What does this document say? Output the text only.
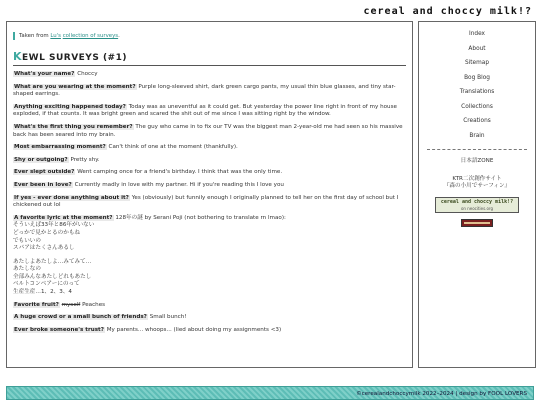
cereal and choccy milk!?
Taken from Lu's collection of surveys.
KEWL SURVEYS (#1)
What's your name? Choccy
What are you wearing at the moment? Purple long-sleeved shirt, dark green cargo pants, my usual thin blue glasses, and tiny star-shaped earrings.
Anything exciting happened today? Today was as uneventful as it could get. But yesterday the power line right in front of my house exploded, if that counts. It was bright green and scared the shit out of me since I was sitting right by the window.
What's the first thing you remember? The guy who came in to fix our TV was the biggest man 2-year-old me had seen so his massive back has been seared into my brain.
Most embarrassing moment? Can't think of one at the moment (thankfully).
Shy or outgoing? Pretty shy.
Ever slept outside? Went camping once for a friend's birthday. I think that was the only time.
Ever been in love? Currently madly in love with my partner. Hi if you're reading this I love you
If yes - ever done anything about it? Yes (obviously) but funnily enough I originally planned to tell her on the first day of school but I chickened out lol
A favorite lyric at the moment? 128年の謎 by Serani Poji (not bothering to translate rn lmao):
そういえば33年と86年がいない
どっかで見かとるのかもね
でもいいの
スパアはたくさんあるし
あたしよあたしよ…みてみて…
あたしなの
全部みんなあたしどれもあたし
ベルトコンベアーにのって
生産生産…1、2、3、4
Favorite fruit? myself Peaches
A huge crowd or a small bunch of friends? Small bunch!
Ever broke someone's trust? My parents... whoops... (lied about doing my assignments <3)
Index
About
Sitemap
Bog Blog
Translations
Collections
Creations
Brain
日本語ZONE
KTR二次創作サイト
『森の小川でサーフィン』
cereal and choccy milk!?
on neocities.org
©cerealandchoccymilk 2022–2024 | design by FOOL LOVERS
